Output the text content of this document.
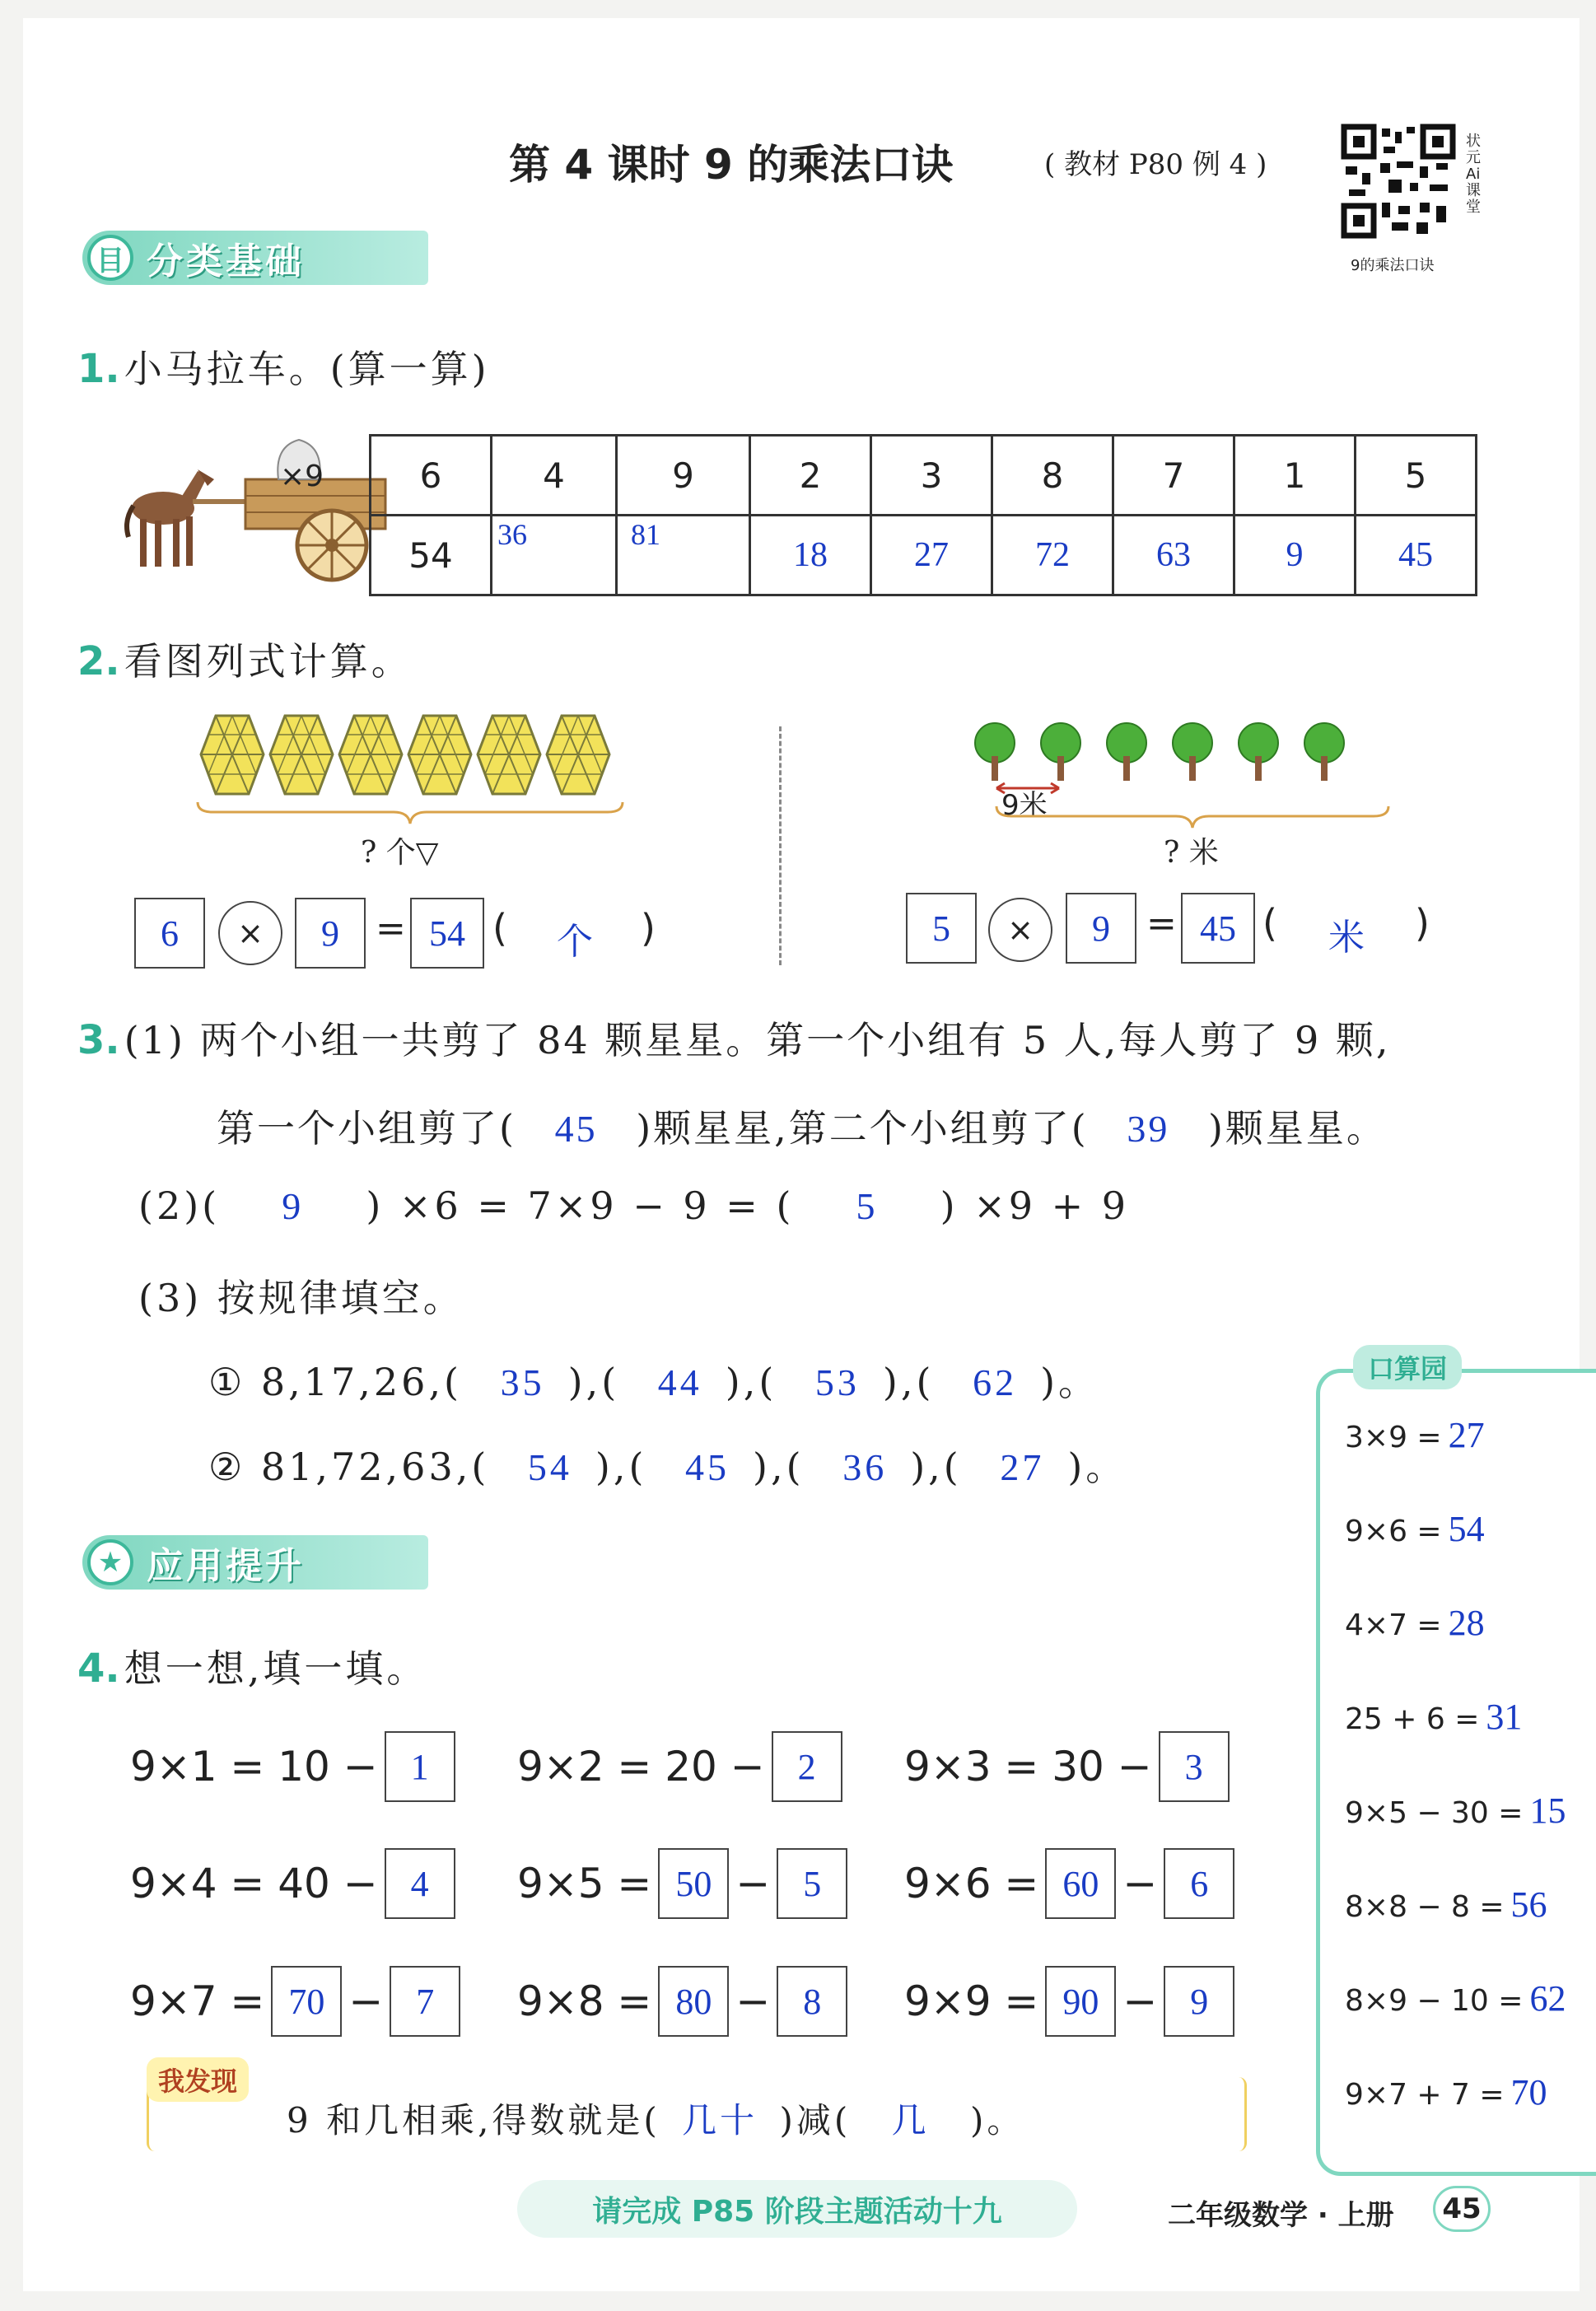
第 4 课时 9 的乘法口诀	( 教材 P80 例 4 )
状元Ai课堂
9的乘法口诀
目 分类基础
1. 小马拉车。(算一算)
×9	6	4	9	2	3	8	7	1	5
54	36	81	18	27	72	63	9	45
2. 看图列式计算。
? 个▽
6	×	9	= 54 ( 个 )
9米
? 米
5	×	9	= 45 ( 米 )
3. (1) 两个小组一共剪了 84 颗星星。第一个小组有 5 人,每人剪了 9 颗,
第一个小组剪了( 45 )颗星星,第二个小组剪了( 39 )颗星星。
(2)( 9 ) ×6 = 7×9 − 9 = ( 5 ) ×9 + 9
(3) 按规律填空。
① 8,17,26,( 35 ),( 44 ),( 53 ),( 62 )。
② 81,72,63,( 54 ),( 45 ),( 36 ),( 27 )。
口算园
3×9 = 27
9×6 = 54
4×7 = 28
25 + 6 = 31
9×5 − 30 = 15
8×8 − 8 = 56
8×9 − 10 = 62
9×7 + 7 = 70
★ 应用提升
4. 想一想,填一填。
9×1 = 10 − 1	9×2 = 20 − 2	9×3 = 30 − 3
9×4 = 40 − 4	9×5 = 50 − 5	9×6 = 60 − 6
9×7 = 70 − 7	9×8 = 80 − 8	9×9 = 90 − 9
我发现
9 和几相乘,得数就是( 几十 )减( 几 )。
请完成 P85 阶段主题活动十九	二年级数学 · 上册	45
